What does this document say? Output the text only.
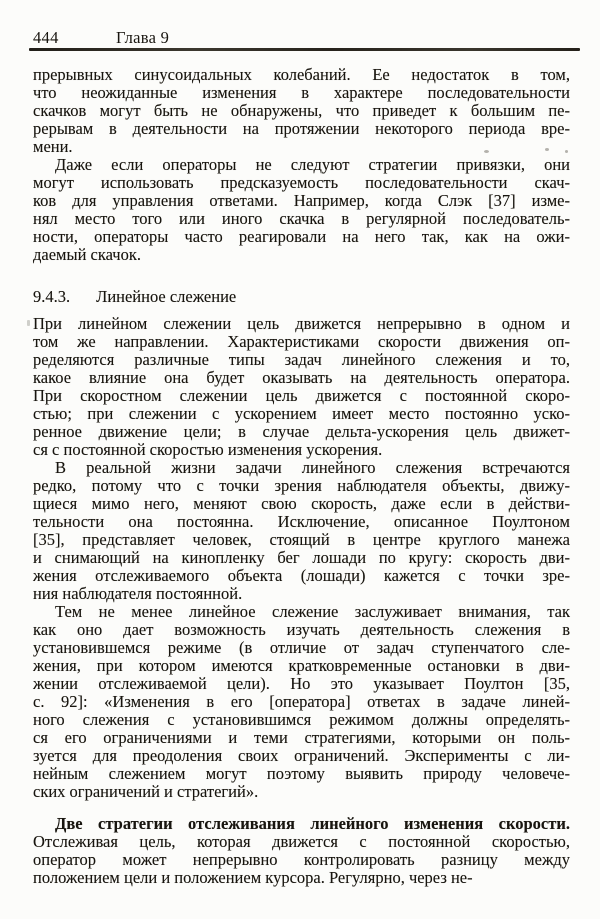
444	Глава 9
прерывных синусоидальных колебаний. Ее недостаток в том,
что неожиданные изменения в характере последовательности
скачков могут быть не обнаружены, что приведет к большим пе-
рерывам в деятельности на протяжении некоторого периода вре-
мени.
Даже если операторы не следуют стратегии привязки, они
могут использовать предсказуемость последовательности скач-
ков для управления ответами. Например, когда Слэк [37] изме-
нял место того или иного скачка в регулярной последователь-
ности, операторы часто реагировали на него так, как на ожи-
даемый скачок.
9.4.3. Линейное слежение
При линейном слежении цель движется непрерывно в одном и
том же направлении. Характеристиками скорости движения оп-
ределяются различные типы задач линейного слежения и то,
какое влияние она будет оказывать на деятельность оператора.
При скоростном слежении цель движется с постоянной скоро-
стью; при слежении с ускорением имеет место постоянно уско-
ренное движение цели; в случае дельта-ускорения цель движет-
ся с постоянной скоростью изменения ускорения.
В реальной жизни задачи линейного слежения встречаются
редко, потому что с точки зрения наблюдателя объекты, движу-
щиеся мимо него, меняют свою скорость, даже если в действи-
тельности она постоянна. Исключение, описанное Поултоном
[35], представляет человек, стоящий в центре круглого манежа
и снимающий на кинопленку бег лошади по кругу: скорость дви-
жения отслеживаемого объекта (лошади) кажется с точки зре-
ния наблюдателя постоянной.
Тем не менее линейное слежение заслуживает внимания, так
как оно дает возможность изучать деятельность слежения в
установившемся режиме (в отличие от задач ступенчатого сле-
жения, при котором имеются кратковременные остановки в дви-
жении отслеживаемой цели). Но это указывает Поултон [35,
с. 92]: «Изменения в его [оператора] ответах в задаче линей-
ного слежения с установившимся режимом должны определять-
ся его ограничениями и теми стратегиями, которыми он поль-
зуется для преодоления своих ограничений. Эксперименты с ли-
нейным слежением могут поэтому выявить природу человече-
ских ограничений и стратегий».
Две стратегии отслеживания линейного изменения скорости.
Отслеживая цель, которая движется с постоянной скоростью,
оператор может непрерывно контролировать разницу между
положением цели и положением курсора. Регулярно, через не-
